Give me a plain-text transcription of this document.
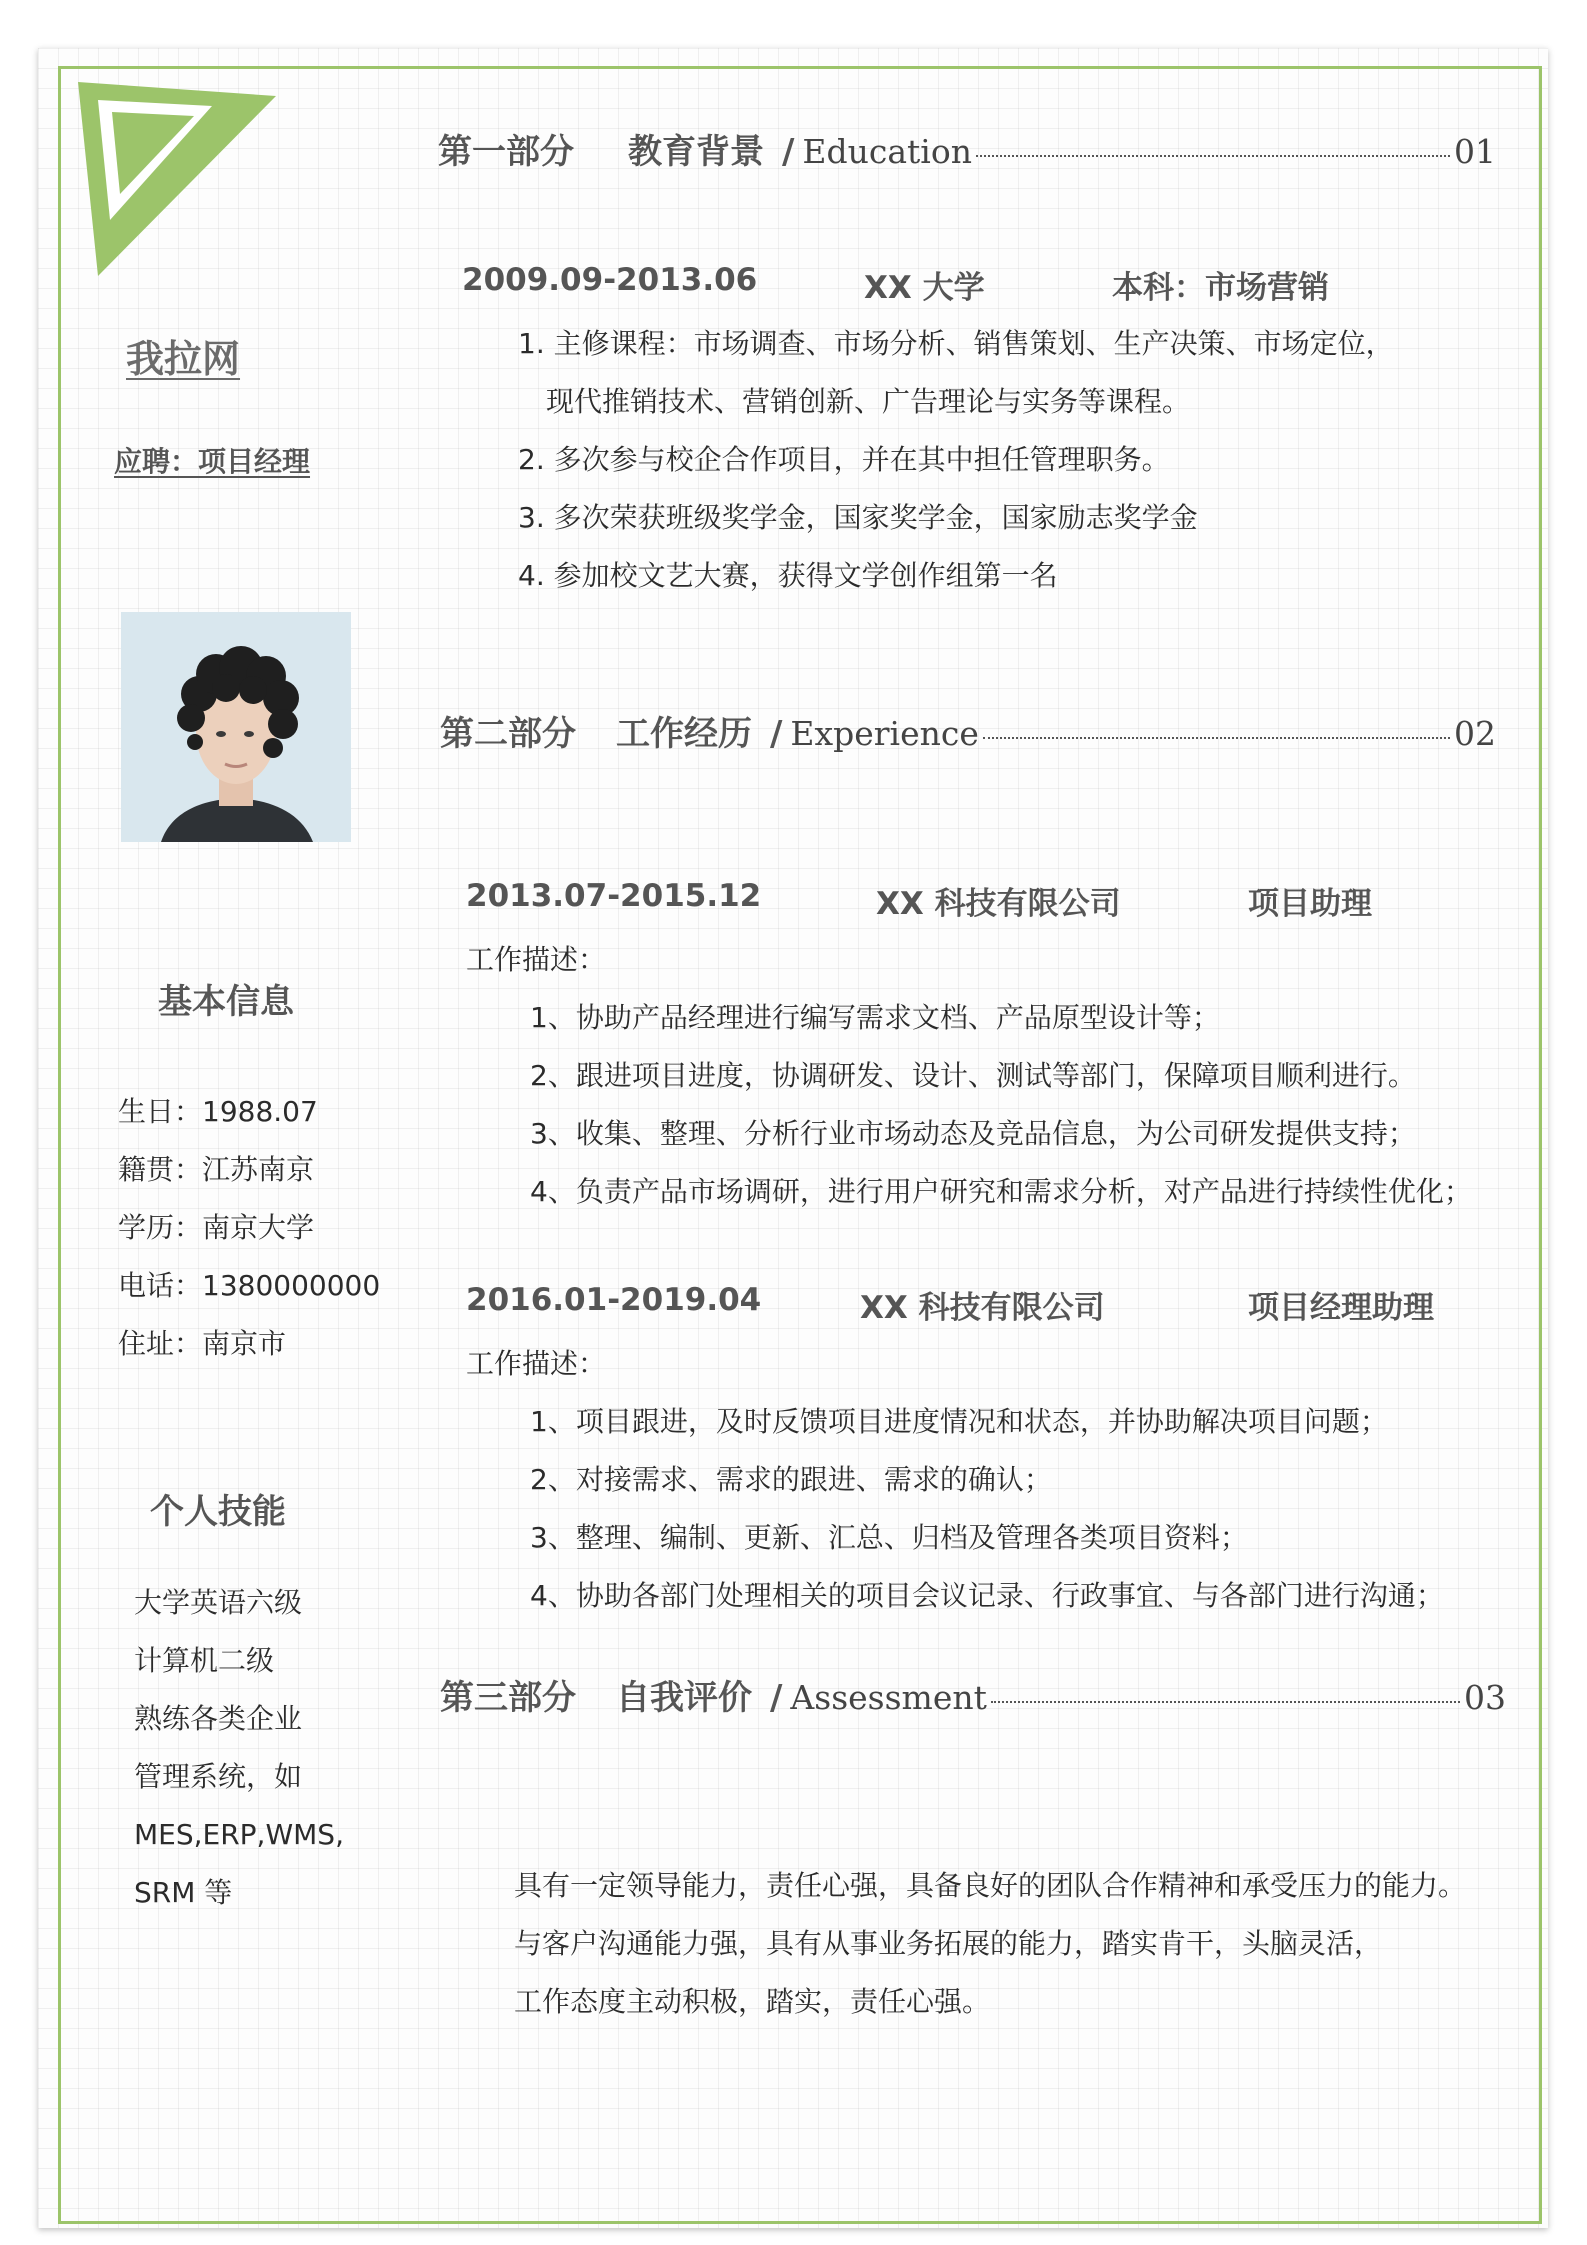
我拉网
应聘：项目经理
基本信息
生日：1988.07
籍贯：江苏南京
学历：南京大学
电话：1380000000
住址：南京市
个人技能
大学英语六级
计算机二级
熟练各类企业
管理系统，如
MES,ERP,WMS,
SRM 等
第一部分 教育背景 / Education	01
2009.09-2013.06	XX 大学	本科：市场营销
1. 主修课程：市场调查、市场分析、销售策划、生产决策、市场定位，
现代推销技术、营销创新、广告理论与实务等课程。
2. 多次参与校企合作项目，并在其中担任管理职务。
3. 多次荣获班级奖学金，国家奖学金，国家励志奖学金
4. 参加校文艺大赛，获得文学创作组第一名
第二部分 工作经历 / Experience	02
2013.07-2015.12	XX 科技有限公司	项目助理
工作描述：
1、协助产品经理进行编写需求文档、产品原型设计等；
2、跟进项目进度，协调研发、设计、测试等部门，保障项目顺利进行。
3、收集、整理、分析行业市场动态及竞品信息，为公司研发提供支持；
4、负责产品市场调研，进行用户研究和需求分析，对产品进行持续性优化；
2016.01-2019.04	XX 科技有限公司	项目经理助理
工作描述：
1、项目跟进，及时反馈项目进度情况和状态，并协助解决项目问题；
2、对接需求、需求的跟进、需求的确认；
3、整理、编制、更新、汇总、归档及管理各类项目资料；
4、协助各部门处理相关的项目会议记录、行政事宜、与各部门进行沟通；
第三部分 自我评价 / Assessment	03
具有一定领导能力，责任心强，具备良好的团队合作精神和承受压力的能力。
与客户沟通能力强，具有从事业务拓展的能力，踏实肯干，头脑灵活，
工作态度主动积极，踏实，责任心强。
